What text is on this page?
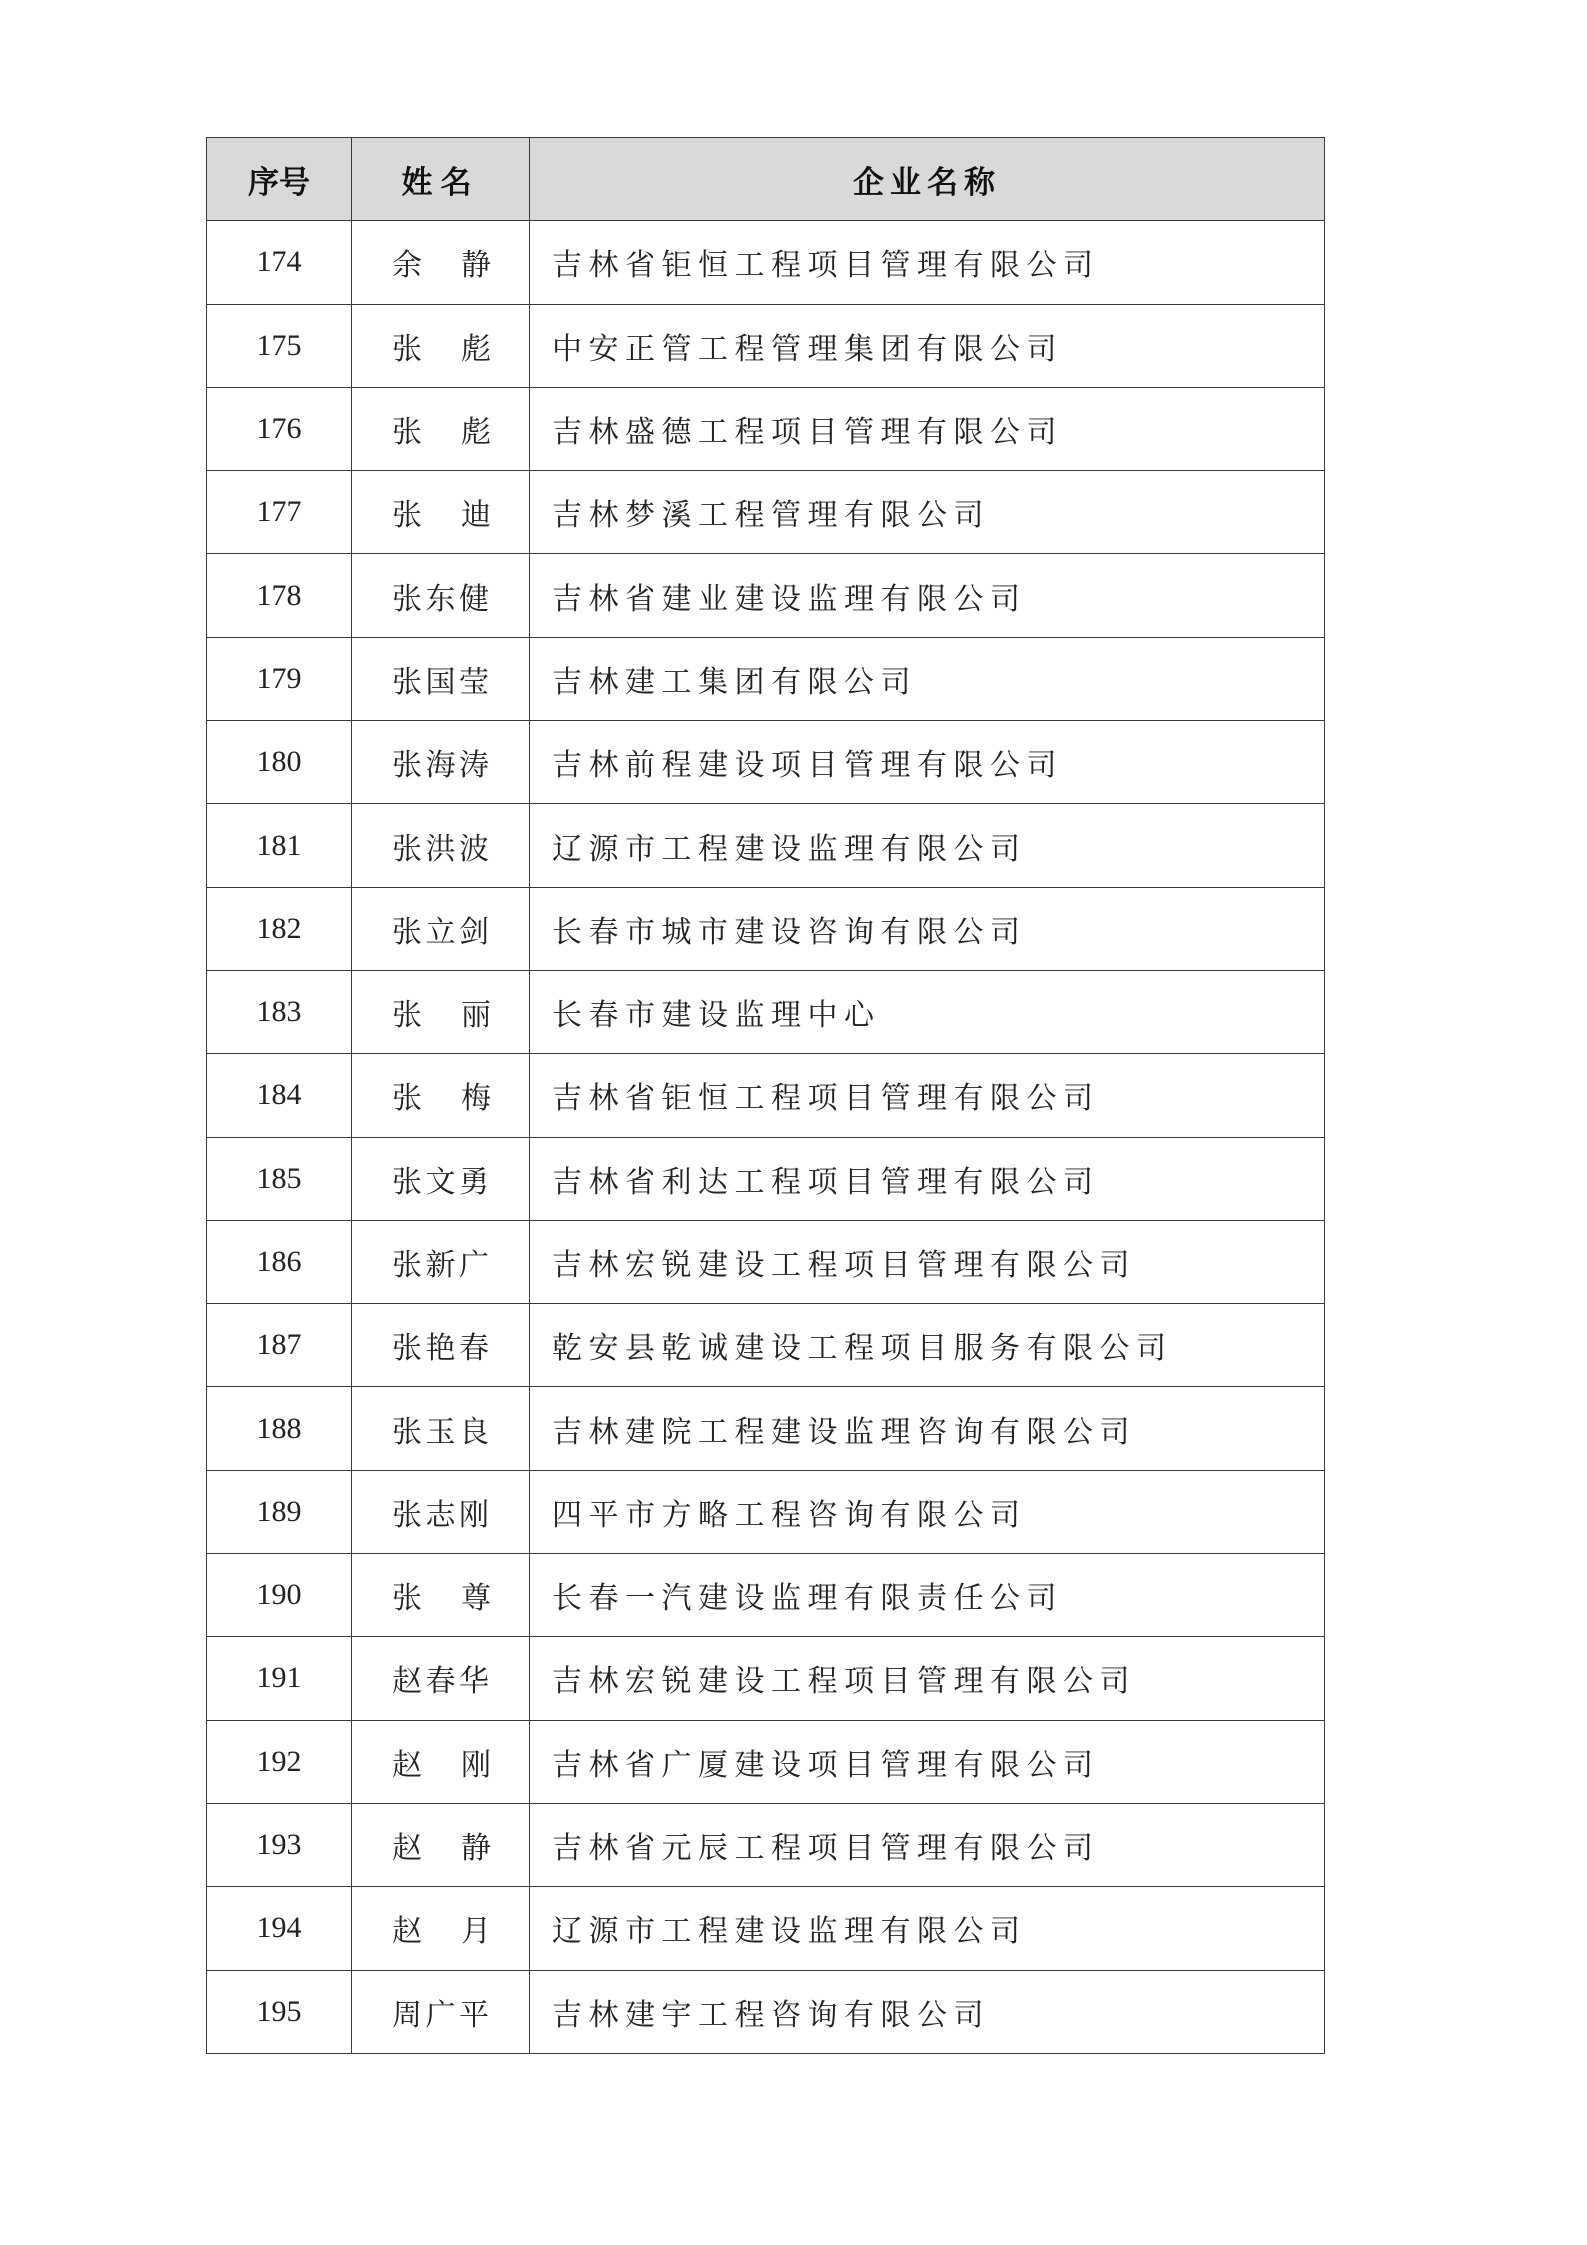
序号	姓名	企业名称
174	余 静	吉林省钜恒工程项目管理有限公司
175	张 彪	中安正管工程管理集团有限公司
176	张 彪	吉林盛德工程项目管理有限公司
177	张 迪	吉林梦溪工程管理有限公司
178	张东健	吉林省建业建设监理有限公司
179	张国莹	吉林建工集团有限公司
180	张海涛	吉林前程建设项目管理有限公司
181	张洪波	辽源市工程建设监理有限公司
182	张立剑	长春市城市建设咨询有限公司
183	张 丽	长春市建设监理中心
184	张 梅	吉林省钜恒工程项目管理有限公司
185	张文勇	吉林省利达工程项目管理有限公司
186	张新广	吉林宏锐建设工程项目管理有限公司
187	张艳春	乾安县乾诚建设工程项目服务有限公司
188	张玉良	吉林建院工程建设监理咨询有限公司
189	张志刚	四平市方略工程咨询有限公司
190	张 尊	长春一汽建设监理有限责任公司
191	赵春华	吉林宏锐建设工程项目管理有限公司
192	赵 刚	吉林省广厦建设项目管理有限公司
193	赵 静	吉林省元辰工程项目管理有限公司
194	赵 月	辽源市工程建设监理有限公司
195	周广平	吉林建宇工程咨询有限公司
